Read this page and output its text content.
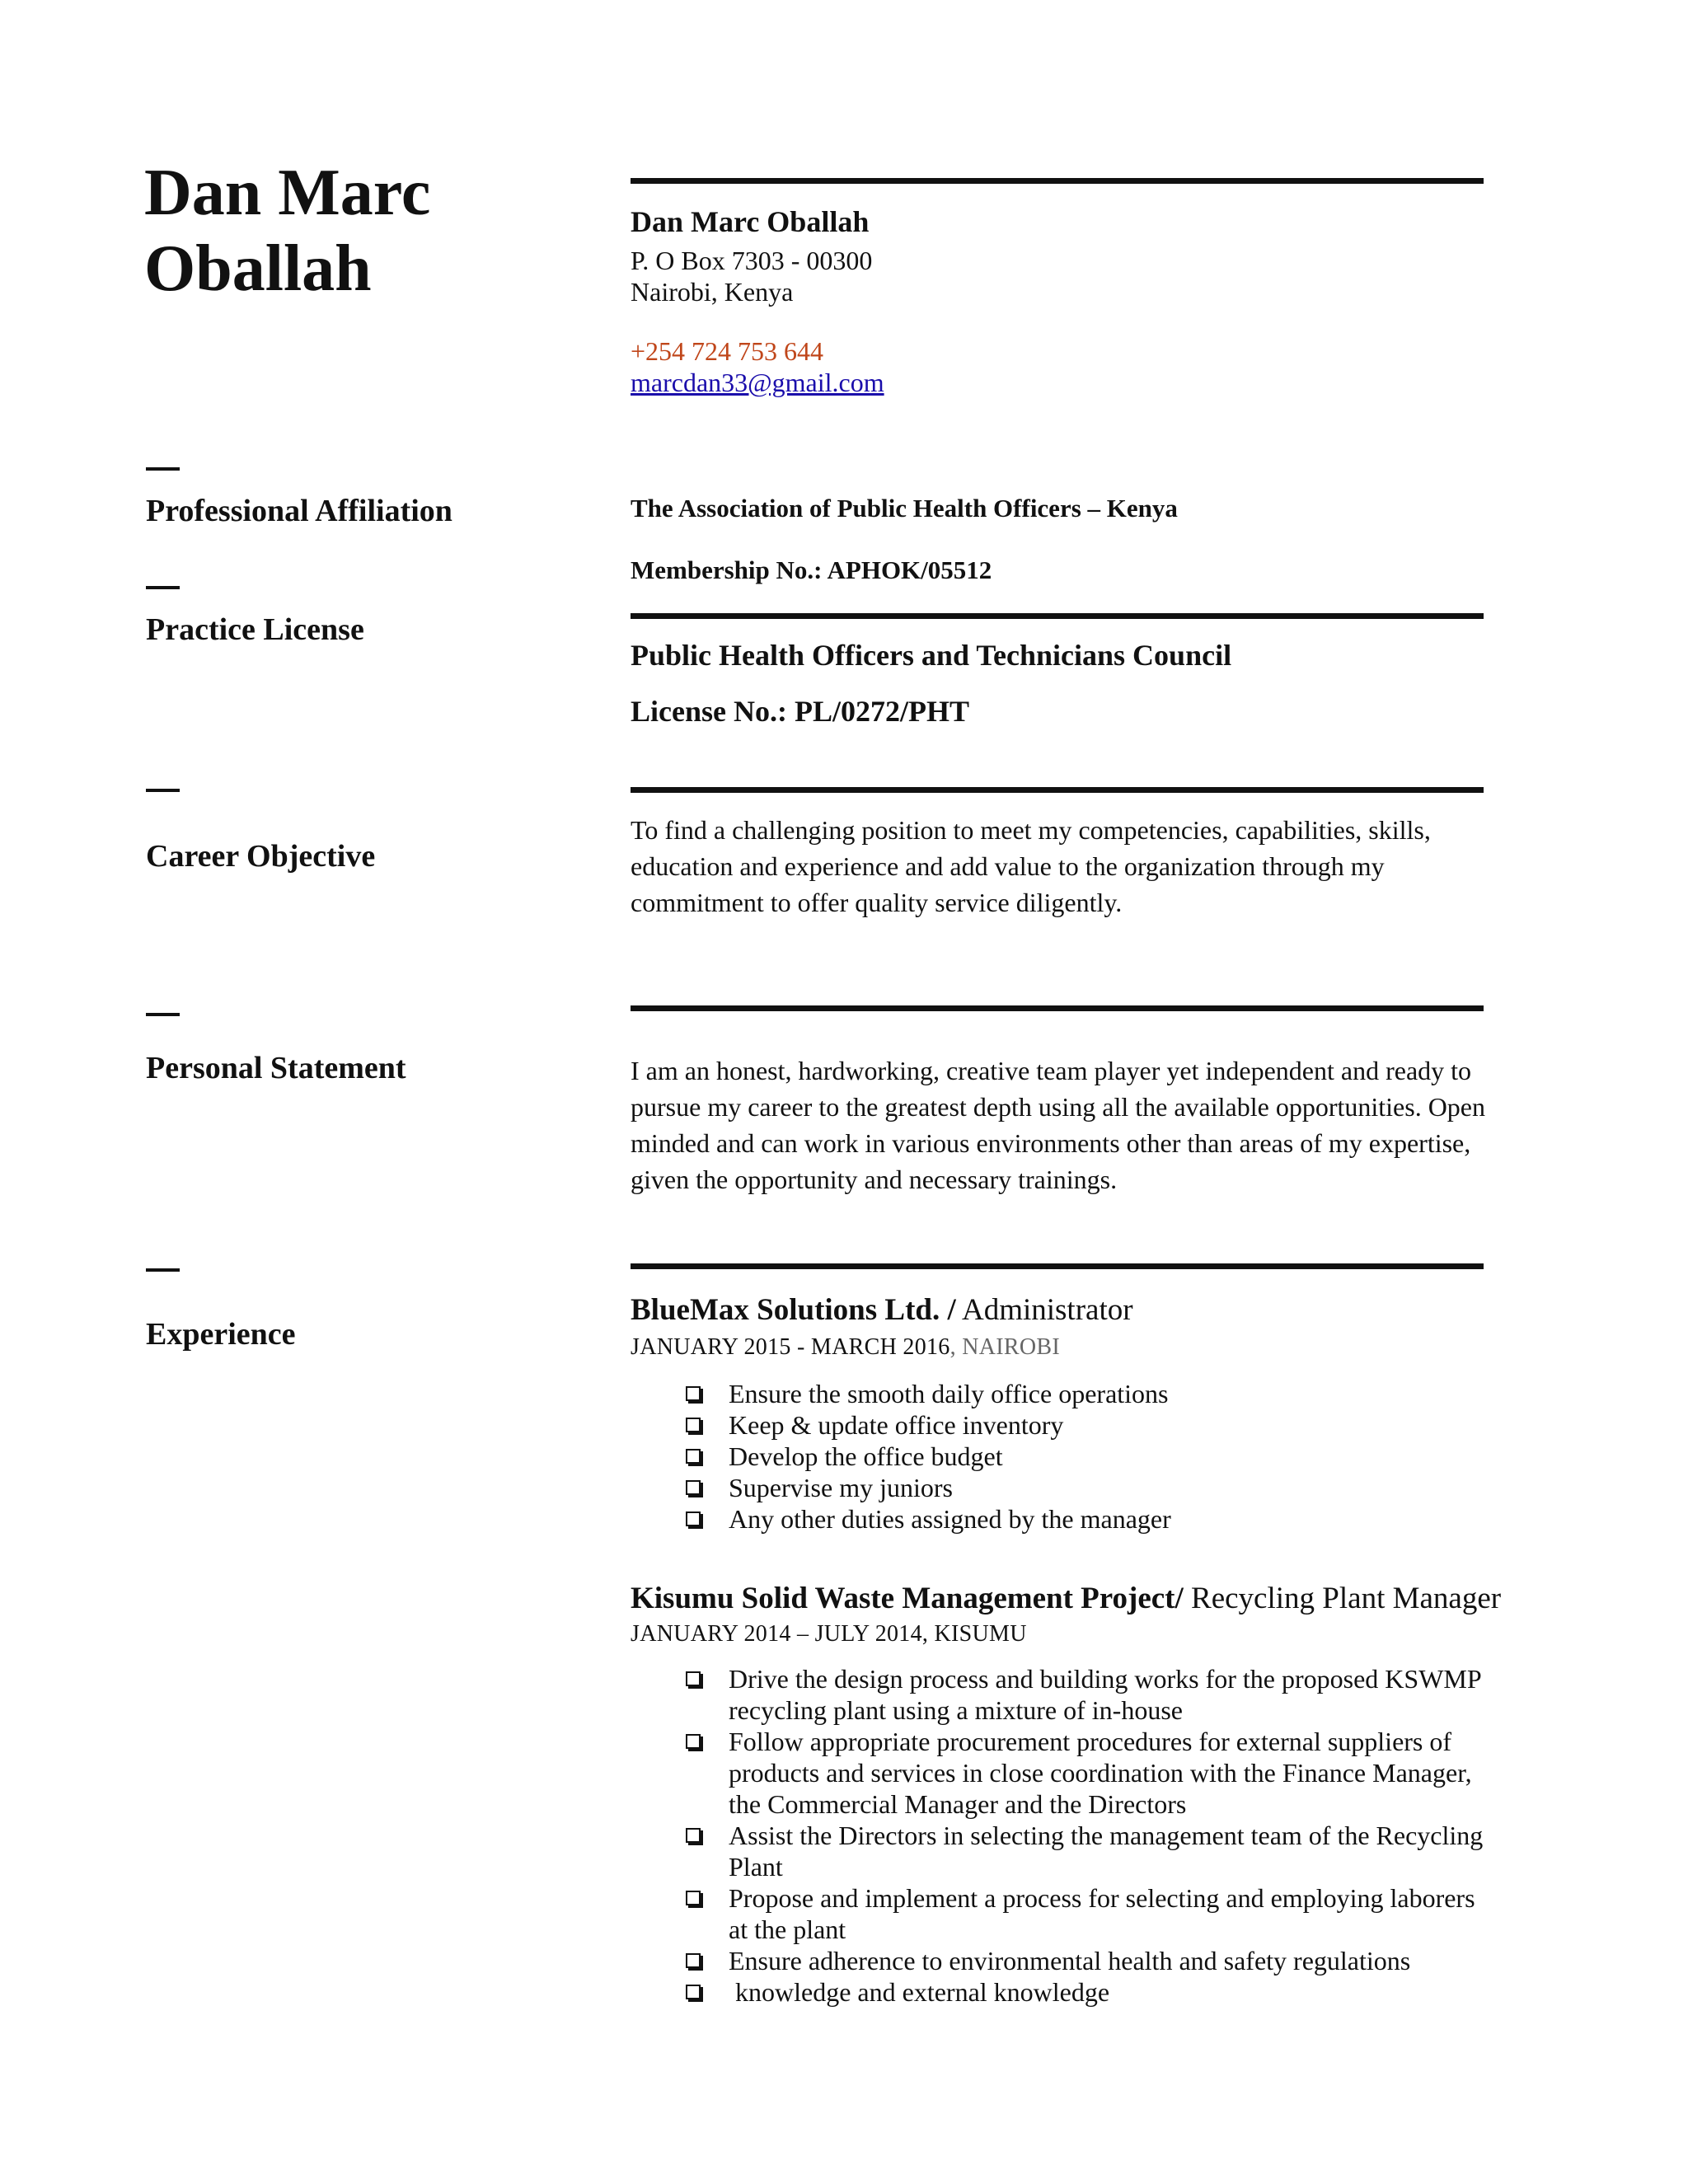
Dan Marc
Oballah
Dan Marc Oballah
P. O Box 7303 - 00300
Nairobi, Kenya
+254 724 753 644
marcdan33@gmail.com
Professional Affiliation	The Association of Public Health Officers – Kenya
Membership No.: APHOK/05512
Practice License
Public Health Officers and Technicians Council
License No.: PL/0272/PHT
Career Objective
To find a challenging position to meet my competencies, capabilities, skills, education and experience and add value to the organization through my commitment to offer quality service diligently.
Personal Statement	I am an honest, hardworking, creative team player yet independent and ready to pursue my career to the greatest depth using all the available opportunities. Open minded and can work in various environments other than areas of my expertise, given the opportunity and necessary trainings.
Experience
BlueMax Solutions Ltd. / Administrator
JANUARY 2015 - MARCH 2016, NAIROBI
Ensure the smooth daily office operations
Keep & update office inventory
Develop the office budget
Supervise my juniors
Any other duties assigned by the manager
Kisumu Solid Waste Management Project/ Recycling Plant Manager
JANUARY 2014 – JULY 2014, KISUMU
Drive the design process and building works for the proposed KSWMP recycling plant using a mixture of in-house
Follow appropriate procurement procedures for external suppliers of products and services in close coordination with the Finance Manager, the Commercial Manager and the Directors
Assist the Directors in selecting the management team of the Recycling Plant
Propose and implement a process for selecting and employing laborers at the plant
Ensure adherence to environmental health and safety regulations
knowledge and external knowledge
